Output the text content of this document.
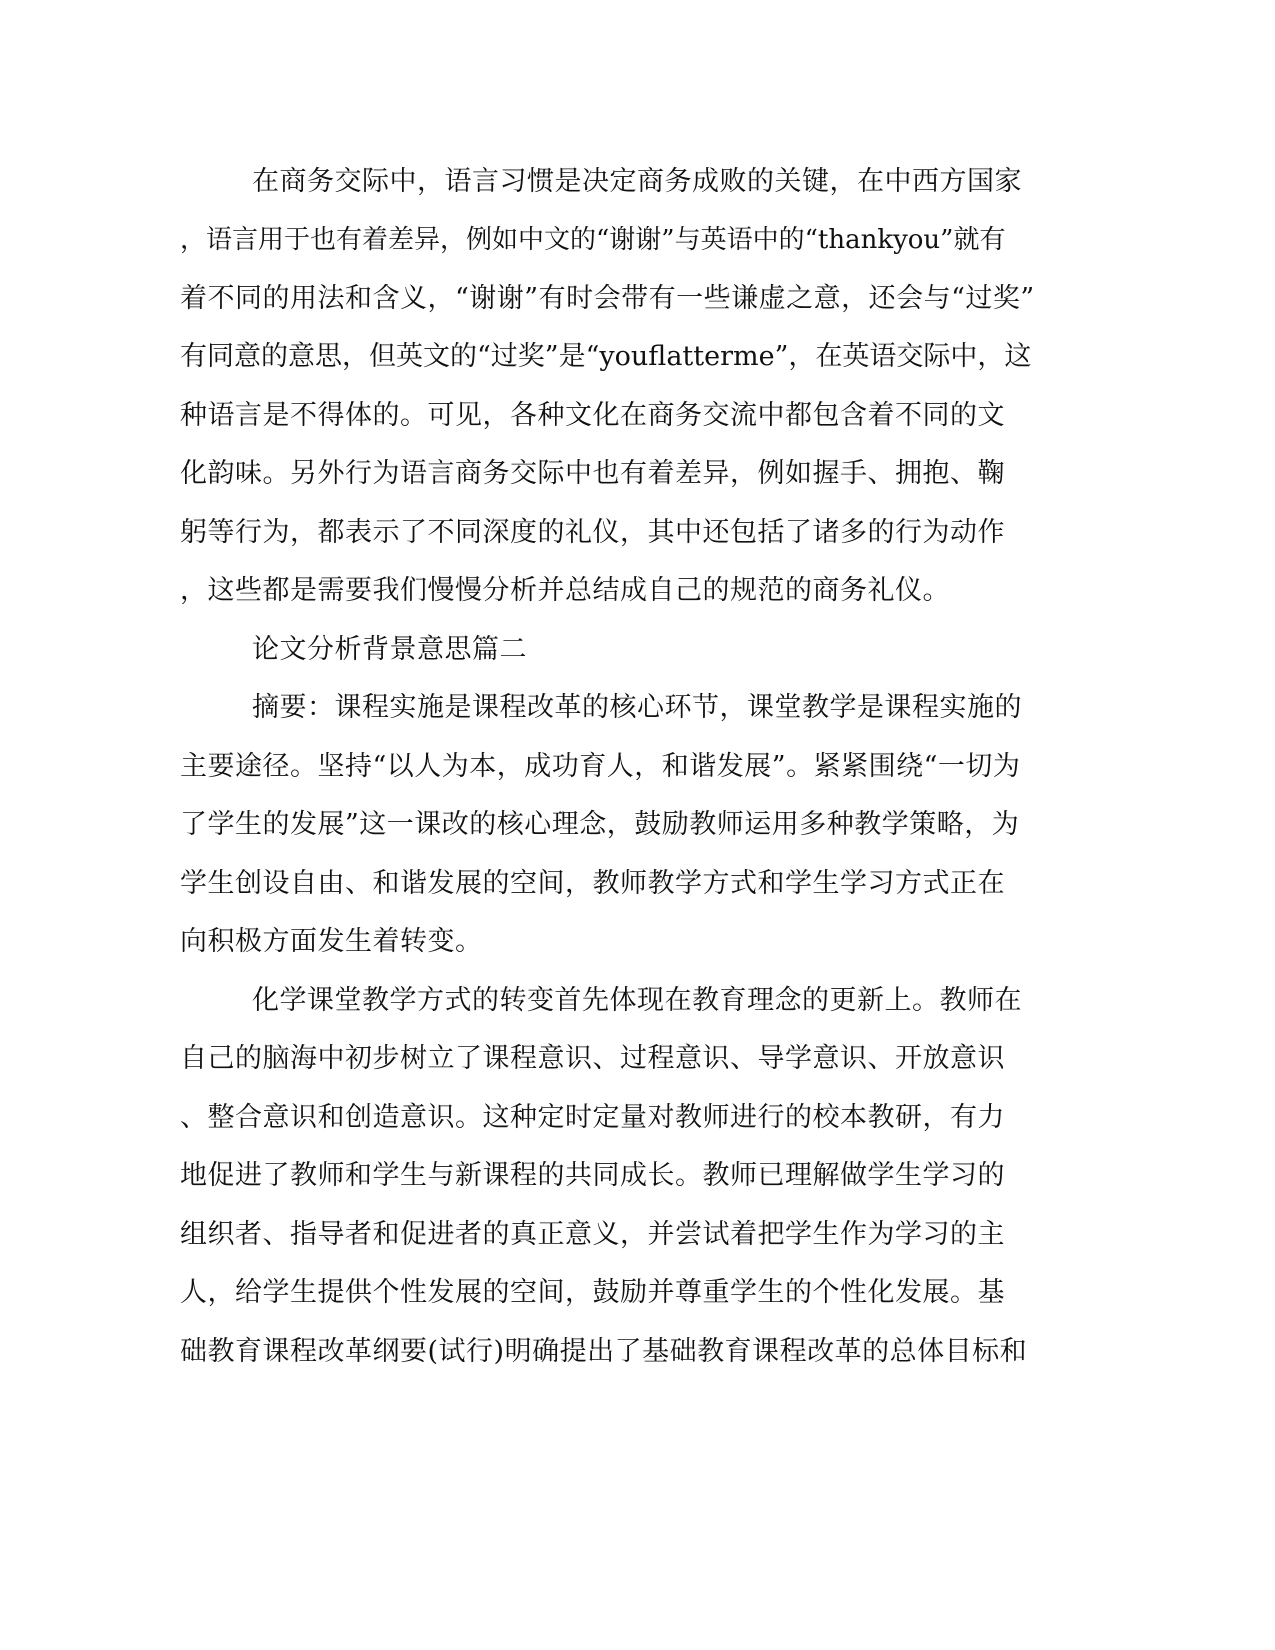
在商务交际中，语言习惯是决定商务成败的关键，在中西方国家
，语言用于也有着差异，例如中文的“谢谢”与英语中的“thankyou”就有
着不同的用法和含义，“谢谢”有时会带有一些谦虚之意，还会与“过奖”
有同意的意思，但英文的“过奖”是“youflatterme”，在英语交际中，这
种语言是不得体的。可见，各种文化在商务交流中都包含着不同的文
化韵味。另外行为语言商务交际中也有着差异，例如握手、拥抱、鞠
躬等行为，都表示了不同深度的礼仪，其中还包括了诸多的行为动作
，这些都是需要我们慢慢分析并总结成自己的规范的商务礼仪。
论文分析背景意思篇二
摘要：课程实施是课程改革的核心环节，课堂教学是课程实施的
主要途径。坚持“以人为本，成功育人，和谐发展”。紧紧围绕“一切为
了学生的发展”这一课改的核心理念，鼓励教师运用多种教学策略，为
学生创设自由、和谐发展的空间，教师教学方式和学生学习方式正在
向积极方面发生着转变。
化学课堂教学方式的转变首先体现在教育理念的更新上。教师在
自己的脑海中初步树立了课程意识、过程意识、导学意识、开放意识
、整合意识和创造意识。这种定时定量对教师进行的校本教研，有力
地促进了教师和学生与新课程的共同成长。教师已理解做学生学习的
组织者、指导者和促进者的真正意义，并尝试着把学生作为学习的主
人，给学生提供个性发展的空间，鼓励并尊重学生的个性化发展。基
础教育课程改革纲要(试行)明确提出了基础教育课程改革的总体目标和
